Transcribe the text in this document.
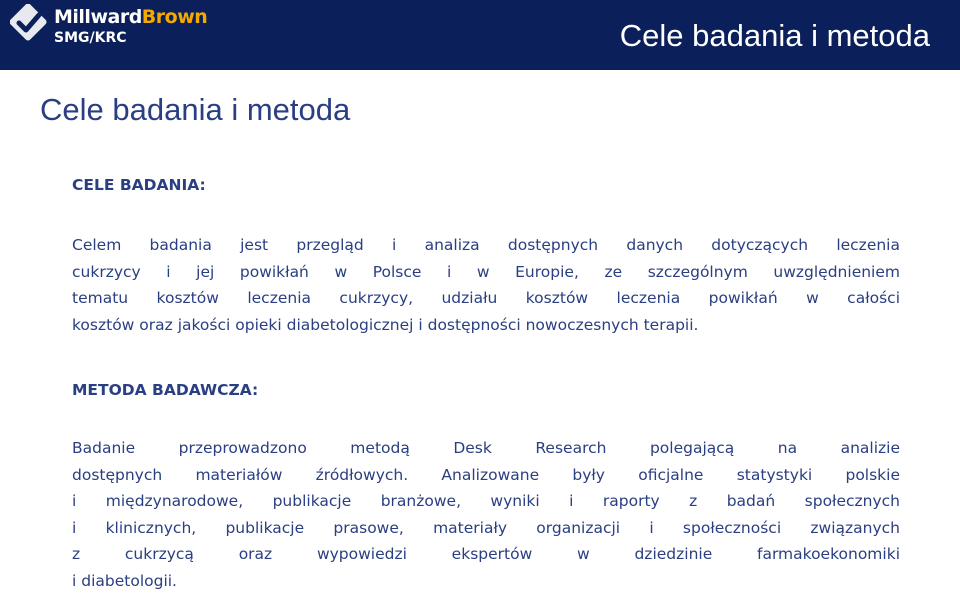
MillwardBrown
SMG/KRC	Cele badania i metoda
Cele badania i metoda
CELE BADANIA:
Celem badania jest przegląd i analiza dostępnych danych dotyczących leczenia
cukrzycy i jej powikłań w Polsce i w Europie, ze szczególnym uwzględnieniem
tematu kosztów leczenia cukrzycy, udziału kosztów leczenia powikłań w całości
kosztów oraz jakości opieki diabetologicznej i dostępności nowoczesnych terapii.
METODA BADAWCZA:
Badanie przeprowadzono metodą Desk Research polegającą na analizie
dostępnych materiałów źródłowych. Analizowane były oficjalne statystyki polskie
i międzynarodowe, publikacje branżowe, wyniki i raporty z badań społecznych
i klinicznych, publikacje prasowe, materiały organizacji i społeczności związanych
z cukrzycą oraz wypowiedzi ekspertów w dziedzinie farmakoekonomiki
i diabetologii.
